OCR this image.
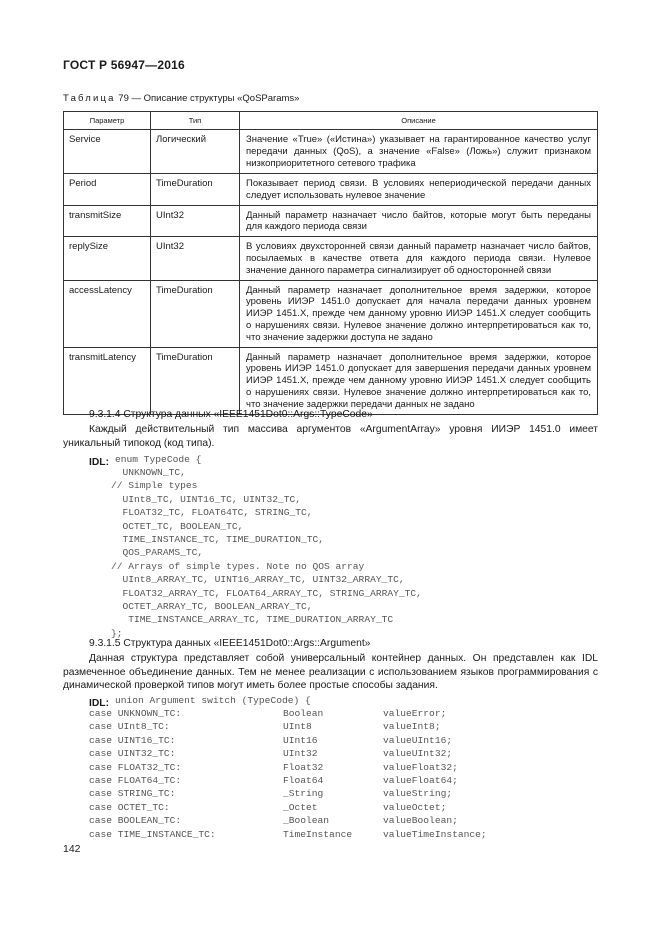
ГОСТ Р 56947—2016
Таблица 79 — Описание структуры «QoSParams»
Параметр	Тип	Описание
Service	Логический	Значение «True» («Истина») указывает на гарантированное качество услуг передачи данных (QoS), а значение «False» (Ложь») служит признаком низкоприоритетного сетевого трафика
Period	TimeDuration	Показывает период связи. В условиях непериодической передачи данных следует использовать нулевое значение
transmitSize	UInt32	Данный параметр назначает число байтов, которые могут быть переданы для каждого периода связи
replySize	UInt32	В условиях двухсторонней связи данный параметр назначает число байтов, посылаемых в качестве ответа для каждого периода связи. Нулевое значение данного параметра сигнализирует об односторонней связи
accessLatency	TimeDuration	Данный параметр назначает дополнительное время задержки, которое уровень ИИЭР 1451.0 допускает для начала передачи данных уровнем ИИЭР 1451.X, прежде чем данному уровню ИИЭР 1451.X следует сообщить о нарушениях связи. Нулевое значение должно интерпретироваться как то, что значение задержки доступа не задано
transmitLatency	TimeDuration	Данный параметр назначает дополнительное время задержки, которое уровень ИИЭР 1451.0 допускает для завершения передачи данных уровнем ИИЭР 1451.X, прежде чем данному уровню ИИЭР 1451.X следует сообщить о нарушениях связи. Нулевое значение должно интерпретироваться как то, что значение задержки передачи данных не задано
9.3.1.4 Структура данных «IEEE1451Dot0::Args::TypeCode»
Каждый действительный тип массива аргументов «ArgumentArray» уровня ИИЭР 1451.0 имеет уникальный типокод (код типа).
IDL: enum TypeCode {
UNKNOWN_TC,
// Simple types
UInt8_TC, UINT16_TC, UINT32_TC,
FLOAT32_TC, FLOAT64TC, STRING_TC,
OCTET_TC, BOOLEAN_TC,
TIME_INSTANCE_TC, TIME_DURATION_TC,
QOS_PARAMS_TC,
// Arrays of simple types. Note no QOS array
UInt8_ARRAY_TC, UINT16_ARRAY_TC, UINT32_ARRAY_TC,
FLOAT32_ARRAY_TC, FLOAT64_ARRAY_TC, STRING_ARRAY_TC,
OCTET_ARRAY_TC, BOOLEAN_ARRAY_TC,
TIME_INSTANCE_ARRAY_TC, TIME_DURATION_ARRAY_TC
};
9.3.1.5 Структура данных «IEEE1451Dot0::Args::Argument»
Данная структура представляет собой универсальный контейнер данных. Он представлен как IDL размеченное объединение данных. Тем не менее реализации с использованием языков программирования с динамической проверкой типов могут иметь более простые способы задания.
IDL: union Argument switch (TypeCode) {
case UNKNOWN_TC:	Boolean	valueError;
case UInt8_TC:	UInt8	valueInt8;
case UINT16_TC:	UInt16	valueUInt16;
case UINT32_TC:	UInt32	valueUInt32;
case FLOAT32_TC:	Float32	valueFloat32;
case FLOAT64_TC:	Float64	valueFloat64;
case STRING_TC:	_String	valueString;
case OCTET_TC:	_Octet	valueOctet;
case BOOLEAN_TC:	_Boolean	valueBoolean;
case TIME_INSTANCE_TC:	TimeInstance	valueTimeInstance;
142
